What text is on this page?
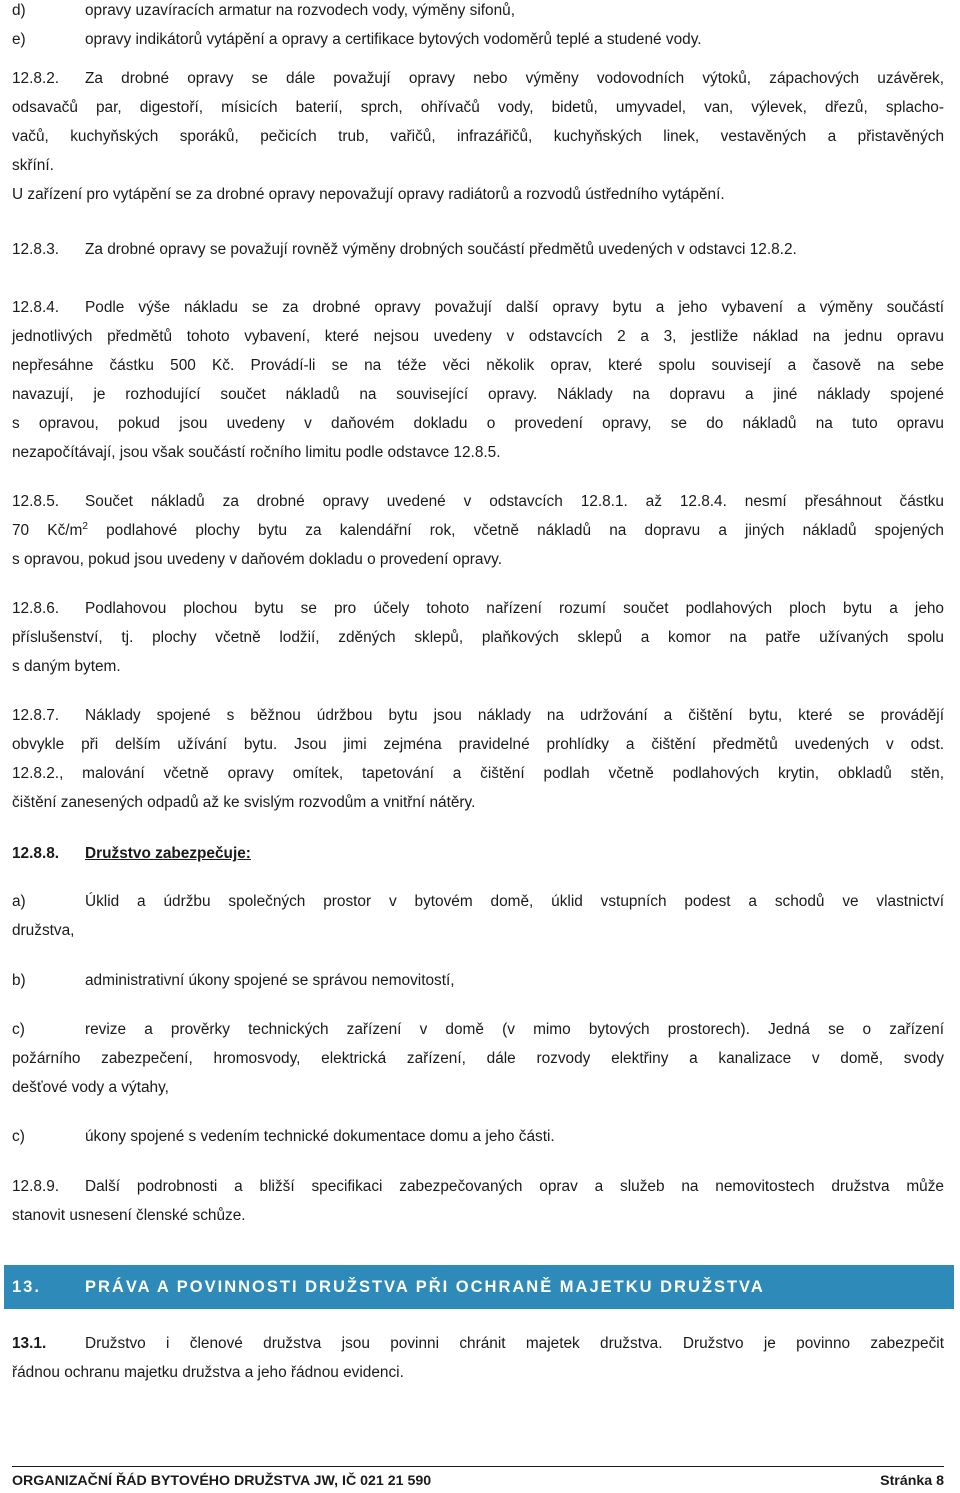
d)	opravy uzavíracích armatur na rozvodech vody, výměny sifonů,
e)	opravy indikátorů vytápění a opravy a certifikace bytových vodoměrů teplé a studené vody.
12.8.2. Za drobné opravy se dále považují opravy nebo výměny vodovodních výtoků, zápachových uzávěrek,
odsavačů par, digestoří, mísicích baterií, sprch, ohřívačů vody, bidetů, umyvadel, van, výlevek, dřezů, splacho-
vačů, kuchyňských sporáků, pečicích trub, vařičů, infrazářičů, kuchyňských linek, vestavěných a přistavěných
skříní.
U zařízení pro vytápění se za drobné opravy nepovažují opravy radiátorů a rozvodů ústředního vytápění.
12.8.3. Za drobné opravy se považují rovněž výměny drobných součástí předmětů uvedených v odstavci 12.8.2.
12.8.4. Podle výše nákladu se za drobné opravy považují další opravy bytu a jeho vybavení a výměny součástí
jednotlivých předmětů tohoto vybavení, které nejsou uvedeny v odstavcích 2 a 3, jestliže náklad na jednu opravu
nepřesáhne částku 500 Kč. Provádí-li se na téže věci několik oprav, které spolu souvisejí a časově na sebe
navazují, je rozhodující součet nákladů na související opravy. Náklady na dopravu a jiné náklady spojené
s opravou, pokud jsou uvedeny v daňovém dokladu o provedení opravy, se do nákladů na tuto opravu
nezapočítávají, jsou však součástí ročního limitu podle odstavce 12.8.5.
12.8.5. Součet nákladů za drobné opravy uvedené v odstavcích 12.8.1. až 12.8.4. nesmí přesáhnout částku
70 $Kč/m^2$ podlahové plochy bytu za kalendářní rok, včetně nákladů na dopravu a jiných nákladů spojených
s opravou, pokud jsou uvedeny v daňovém dokladu o provedení opravy.
12.8.6. Podlahovou plochou bytu se pro účely tohoto nařízení rozumí součet podlahových ploch bytu a jeho
příslušenství, tj. plochy včetně lodžií, zděných sklepů, plaňkových sklepů a komor na patře užívaných spolu
s daným bytem.
12.8.7. Náklady spojené s běžnou údržbou bytu jsou náklady na udržování a čištění bytu, které se provádějí
obvykle při delším užívání bytu. Jsou jimi zejména pravidelné prohlídky a čištění předmětů uvedených v odst.
12.8.2., malování včetně opravy omítek, tapetování a čištění podlah včetně podlahových krytin, obkladů stěn,
čištění zanesených odpadů až ke svislým rozvodům a vnitřní nátěry.
12.8.8. Družstvo zabezpečuje:
a)	Úklid a údržbu společných prostor v bytovém domě, úklid vstupních podest a schodů ve vlastnictví
družstva,
b)	administrativní úkony spojené se správou nemovitostí,
c)	revize a prověrky technických zařízení v domě (v mimo bytových prostorech). Jedná se o zařízení
požárního zabezpečení, hromosvody, elektrická zařízení, dále rozvody elektřiny a kanalizace v domě, svody
dešťové vody a výtahy,
c)	úkony spojené s vedením technické dokumentace domu a jeho části.
12.8.9. Další podrobnosti a bližší specifikaci zabezpečovaných oprav a služeb na nemovitostech družstva může
stanovit usnesení členské schůze.
13.	PRÁVA A POVINNOSTI DRUŽSTVA PŘI OCHRANĚ MAJETKU DRUŽSTVA
13.1.	Družstvo i členové družstva jsou povinni chránit majetek družstva. Družstvo je povinno zabezpečit
řádnou ochranu majetku družstva a jeho řádnou evidenci.
ORGANIZAČNÍ ŘÁD BYTOVÉHO DRUŽSTVA JW, IČ 021 21 590	Stránka 8
